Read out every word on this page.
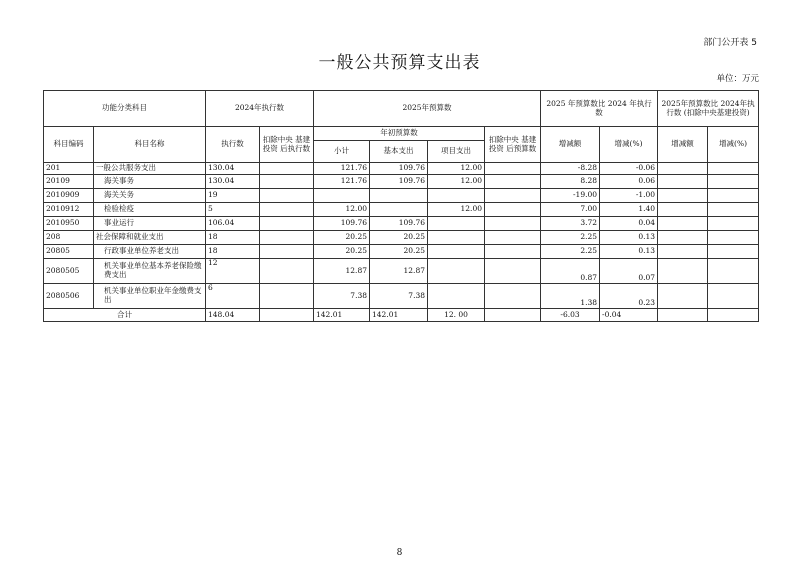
部门公开表 5
一般公共预算支出表
单位：万元
功能分类科目		2024年执行数		2025年预算数				2025 年预算数比 2024 年执行数		2025年预算数比 2024年执行数 (扣除中央基建投资)	
科目编码	科目名称	执行数	扣除中央 基建投资 后执行数	年初预算数			扣除中央 基建投资 后预算数	增减额	增减(%)	增减额	增减(%)
				小计	基本支出	项目支出					
201	一般公共服务支出	130.04		121.76	109.76	12.00		-8.28	-0.06		
20109	海关事务	130.04		121.76	109.76	12.00		8.28	0.06		
2010909	海关关务	19						-19.00	-1.00		
2010912	检验检疫	5		12.00		12.00		7.00	1.40		
2010950	事业运行	106.04		109.76	109.76			3.72	0.04		
208	社会保障和就业支出	18		20.25	20.25			2.25	0.13		
20805	行政事业单位养老支出	18		20.25	20.25			2.25	0.13		
2080505	机关事业单位基本养老保险缴费支出	12		12.87	12.87			0.87	0.07		
2080506	机关事业单位职业年金缴费支出	6		7.38	7.38			1.38	0.23		
合计		148.04		142.01	142.01	12. 00		-6.03	-0.04		
8
